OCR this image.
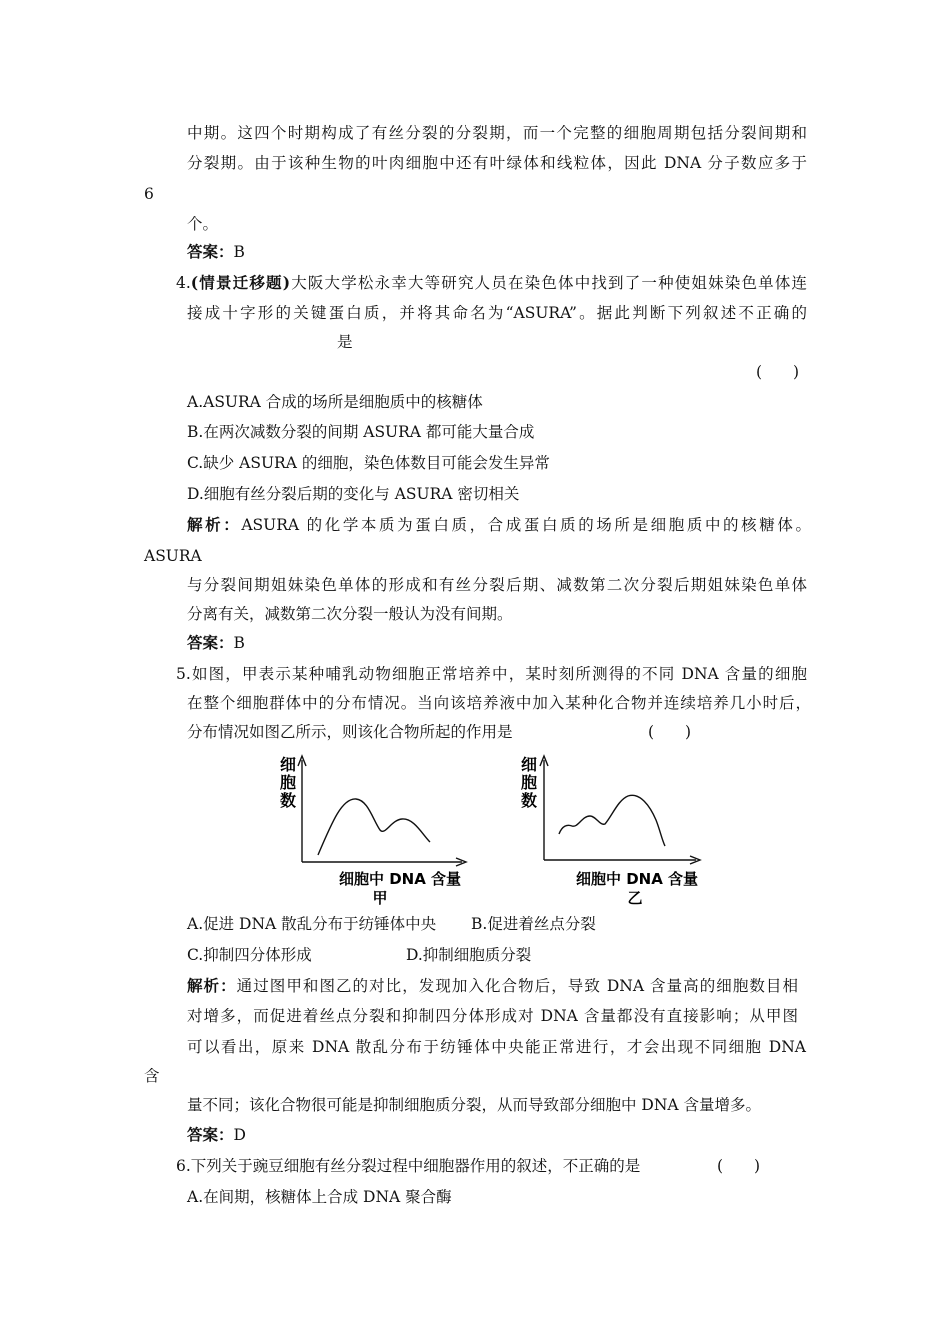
中期。这四个时期构成了有丝分裂的分裂期，而一个完整的细胞周期包括分裂间期和
分裂期。由于该种生物的叶肉细胞中还有叶绿体和线粒体，因此 DNA 分子数应多于
6
个。
答案：B
4.(情景迁移题)大阪大学松永幸大等研究人员在染色体中找到了一种使姐妹染色单体连
接成十字形的关键蛋白质，并将其命名为“ASURA”。据此判断下列叙述不正确的
是
(　　)
A.ASURA 合成的场所是细胞质中的核糖体
B.在两次减数分裂的间期 ASURA 都可能大量合成
C.缺少 ASURA 的细胞，染色体数目可能会发生异常
D.细胞有丝分裂后期的变化与 ASURA 密切相关
解析：ASURA 的化学本质为蛋白质，合成蛋白质的场所是细胞质中的核糖体。
ASURA
与分裂间期姐妹染色单体的形成和有丝分裂后期、减数第二次分裂后期姐妹染色单体
分离有关，减数第二次分裂一般认为没有间期。
答案：B
5.如图，甲表示某种哺乳动物细胞正常培养中，某时刻所测得的不同 DNA 含量的细胞
在整个细胞群体中的分布情况。当向该培养液中加入某种化合物并连续培养几小时后，
分布情况如图乙所示，则该化合物所起的作用是	(　　)
细
胞
数
细胞中 DNA 含量
甲
细
胞
数
细胞中 DNA 含量
乙
A.促进 DNA 散乱分布于纺锤体中央 B.促进着丝点分裂
C.抑制四分体形成	D.抑制细胞质分裂
解析：通过图甲和图乙的对比，发现加入化合物后，导致 DNA 含量高的细胞数目相
对增多，而促进着丝点分裂和抑制四分体形成对 DNA 含量都没有直接影响；从甲图
可以看出，原来 DNA 散乱分布于纺锤体中央能正常进行，才会出现不同细胞 DNA
含
量不同；该化合物很可能是抑制细胞质分裂，从而导致部分细胞中 DNA 含量增多。
答案：D
6.下列关于豌豆细胞有丝分裂过程中细胞器作用的叙述，不正确的是	(　　)
A.在间期，核糖体上合成 DNA 聚合酶
